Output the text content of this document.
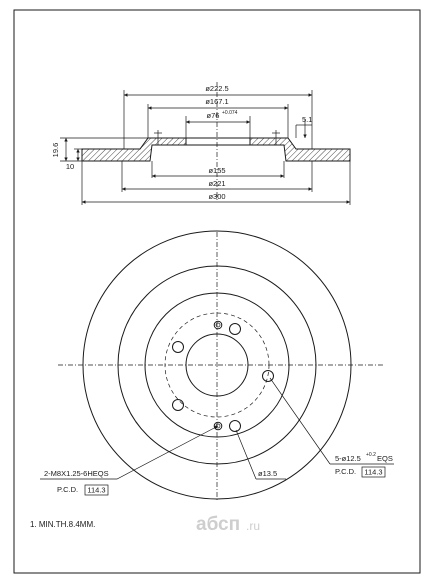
ø222.5
ø167.1
ø76 +0.074
5.1
19.6
10	ø155
ø221
ø300
2-M8X1.25-6HEQS
P.C.D. 114.3
ø13.5
5-ø12.5 +0.2 EQS
P.C.D. 114.3
1. MIN.TH.8.4MM.	aбсп .ru
